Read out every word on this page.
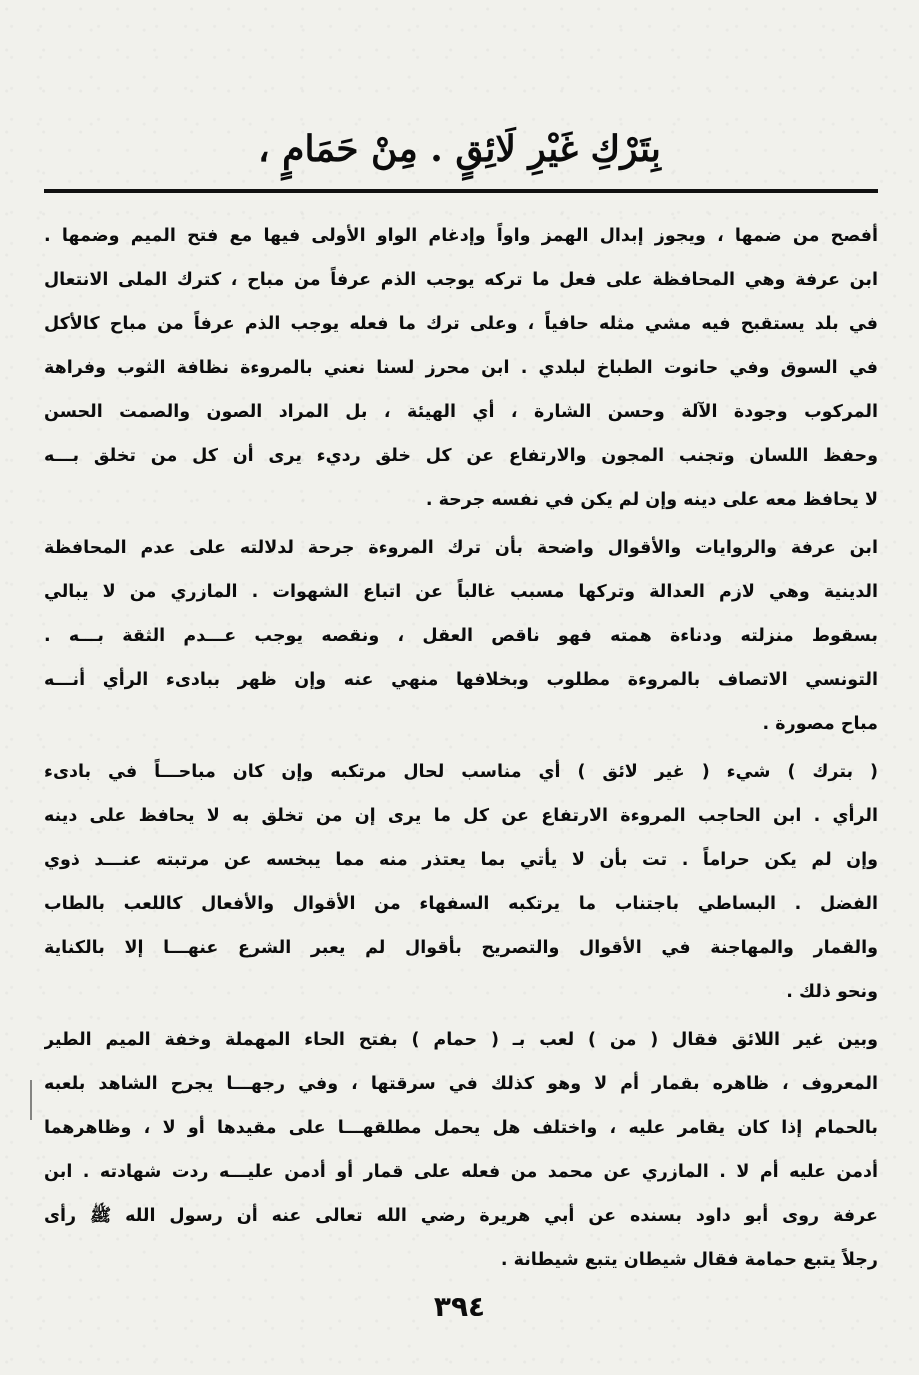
بِتَرْكِ غَيْرِ لَائِقٍ . مِنْ حَمَامٍ ،
أفصح من ضمها ، ويجوز إبدال الهمز واواً وإدغام الواو الأولى فيها مع فتح الميم وضمها .
ابن عرفة وهي المحافظة على فعل ما تركه يوجب الذم عرفاً من مباح ، كترك الملى الانتعال
في بلد يستقبح فيه مشي مثله حافياً ، وعلى ترك ما فعله يوجب الذم عرفاً من مباح كالأكل
في السوق وفي حانوت الطباخ لبلدي . ابن محرز لسنا نعني بالمروءة نظافة الثوب وفراهة
المركوب وجودة الآلة وحسن الشارة ، أي الهيئة ، بل المراد الصون والصمت الحسن
وحفظ اللسان وتجنب المجون والارتفاع عن كل خلق رديء يرى أن كل من تخلق بـــه
لا يحافظ معه على دينه وإن لم يكن في نفسه جرحة .
ابن عرفة والروايات والأقوال واضحة بأن ترك المروءة جرحة لدلالته على عدم المحافظة
الدينية وهي لازم العدالة وتركها مسبب غالباً عن اتباع الشهوات . المازري من لا يبالي
بسقوط منزلته ودناءة همته فهو ناقص العقل ، ونقصه يوجب عـــدم الثقة بـــه .
التونسي الاتصاف بالمروءة مطلوب وبخلافها منهي عنه وإن ظهر ببادىء الرأي أنـــه
مباح مصورة .
( بترك ) شيء ( غير لائق ) أي مناسب لحال مرتكبه وإن كان مباحـــاً في بادىء
الرأي . ابن الحاجب المروءة الارتفاع عن كل ما يرى إن من تخلق به لا يحافظ على دينه
وإن لم يكن حراماً . تت بأن لا يأتي بما يعتذر منه مما يبخسه عن مرتبته عنـــد ذوي
الفضل . البساطي باجتناب ما يرتكبه السفهاء من الأقوال والأفعال كاللعب بالطاب
والقمار والمهاجنة في الأقوال والتصريح بأقوال لم يعبر الشرع عنهـــا إلا بالكناية
ونحو ذلك .
وبين غير اللائق فقال ( من ) لعب بـ ( حمام ) بفتح الحاء المهملة وخفة الميم الطير
المعروف ، ظاهره بقمار أم لا وهو كذلك في سرقتها ، وفي رجهـــا يجرح الشاهد بلعبه
بالحمام إذا كان يقامر عليه ، واختلف هل يحمل مطلقهـــا على مقيدها أو لا ، وظاهرهما
أدمن عليه أم لا . المازري عن محمد من فعله على قمار أو أدمن عليـــه ردت شهادته . ابن
عرفة روى أبو داود بسنده عن أبي هريرة رضي الله تعالى عنه أن رسول الله ﷺ رأى
رجلاً يتبع حمامة فقال شيطان يتبع شيطانة .
٣٩٤
